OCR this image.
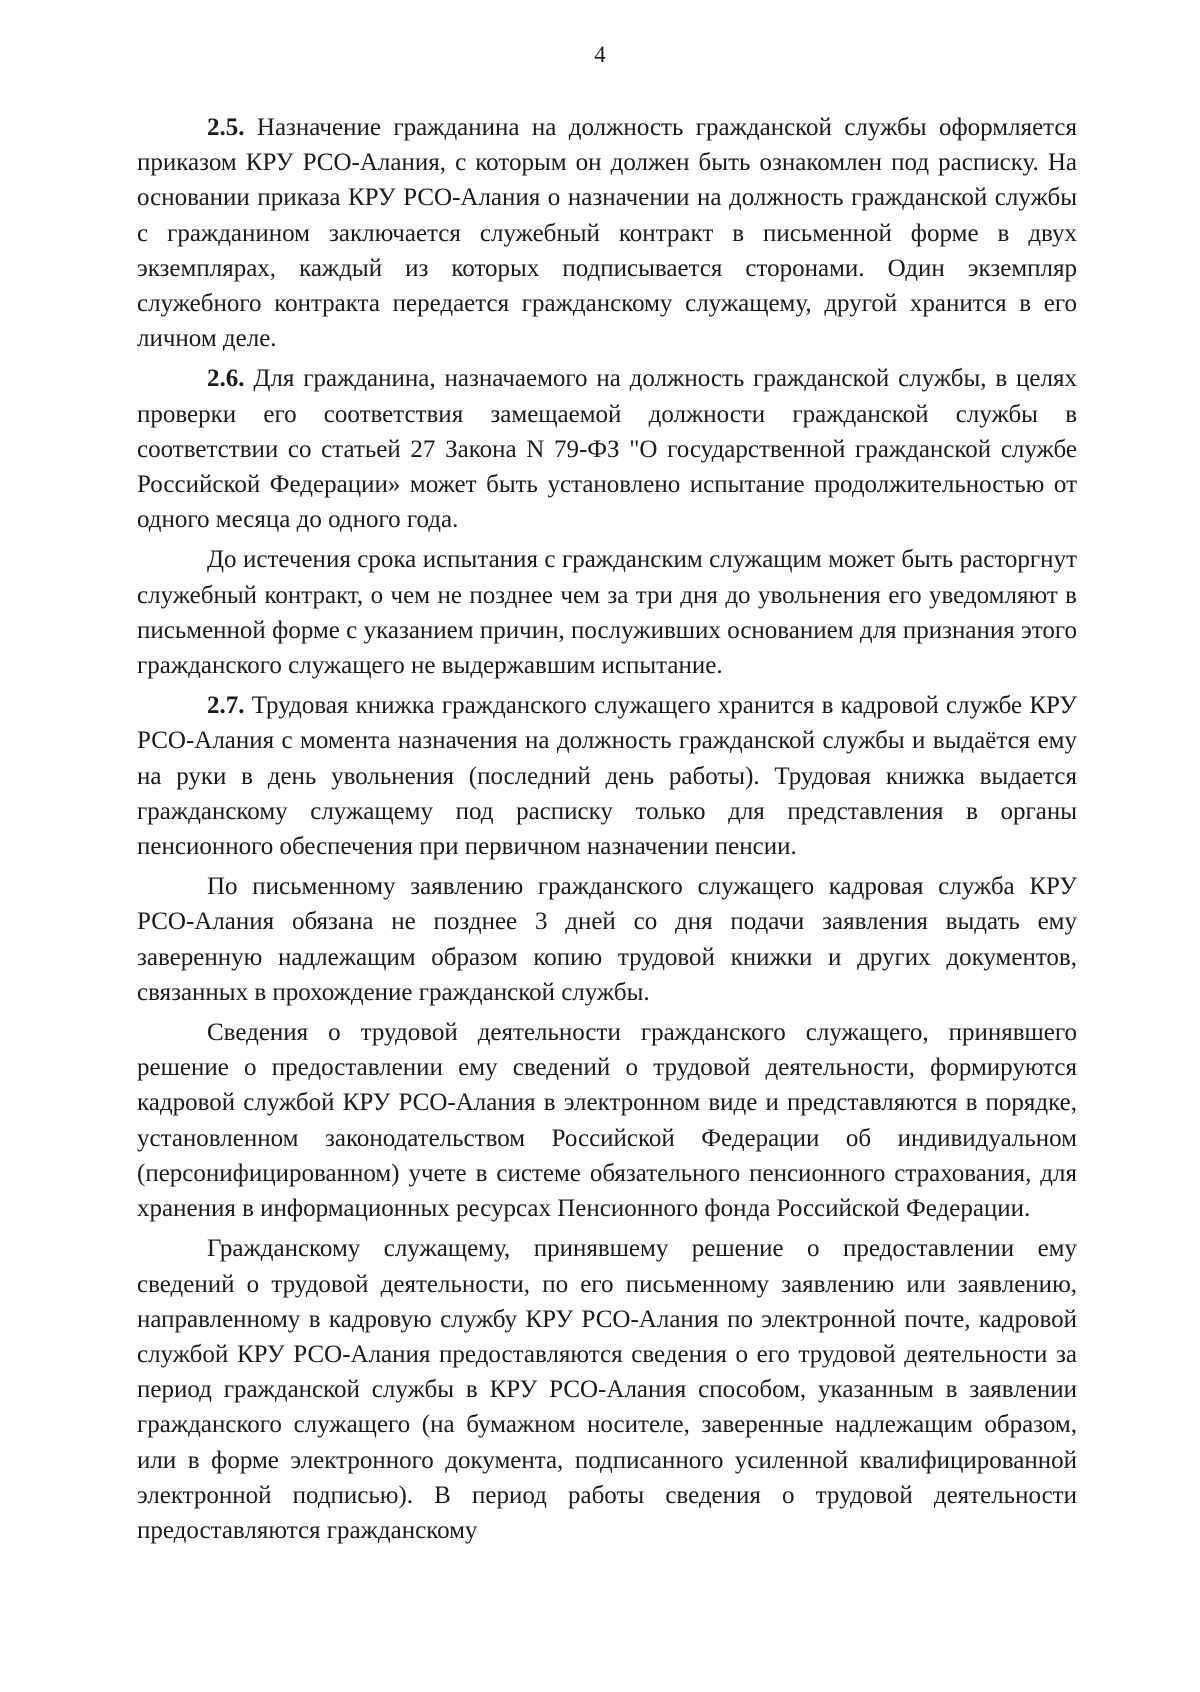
4

2.5. Назначение гражданина на должность гражданской службы оформляется приказом КРУ РСО-Алания, с которым он должен быть ознакомлен под расписку. На основании приказа КРУ РСО-Алания о назначении на должность гражданской службы с гражданином заключается служебный контракт в письменной форме в двух экземплярах, каждый из которых подписывается сторонами. Один экземпляр служебного контракта передается гражданскому служащему, другой хранится в его личном деле.

2.6. Для гражданина, назначаемого на должность гражданской службы, в целях проверки его соответствия замещаемой должности гражданской службы в соответствии со статьей 27 Закона N 79-ФЗ "О государственной гражданской службе Российской Федерации» может быть установлено испытание продолжительностью от одного месяца до одного года.

До истечения срока испытания с гражданским служащим может быть расторгнут служебный контракт, о чем не позднее чем за три дня до увольнения его уведомляют в письменной форме с указанием причин, послуживших основанием для признания этого гражданского служащего не выдержавшим испытание.

2.7. Трудовая книжка гражданского служащего хранится в кадровой службе КРУ РСО-Алания с момента назначения на должность гражданской службы и выдаётся ему на руки в день увольнения (последний день работы). Трудовая книжка выдается гражданскому служащему под расписку только для представления в органы пенсионного обеспечения при первичном назначении пенсии.

По письменному заявлению гражданского служащего кадровая служба КРУ РСО-Алания обязана не позднее 3 дней со дня подачи заявления выдать ему заверенную надлежащим образом копию трудовой книжки и других документов, связанных в прохождение гражданской службы.

Сведения о трудовой деятельности гражданского служащего, принявшего решение о предоставлении ему сведений о трудовой деятельности, формируются кадровой службой КРУ РСО-Алания в электронном виде и представляются в порядке, установленном законодательством Российской Федерации об индивидуальном (персонифицированном) учете в системе обязательного пенсионного страхования, для хранения в информационных ресурсах Пенсионного фонда Российской Федерации.

Гражданскому служащему, принявшему решение о предоставлении ему сведений о трудовой деятельности, по его письменному заявлению или заявлению, направленному в кадровую службу КРУ РСО-Алания по электронной почте, кадровой службой КРУ РСО-Алания предоставляются сведения о его трудовой деятельности за период гражданской службы в КРУ РСО-Алания способом, указанным в заявлении гражданского служащего (на бумажном носителе, заверенные надлежащим образом, или в форме электронного документа, подписанного усиленной квалифицированной электронной подписью). В период работы сведения о трудовой деятельности предоставляются гражданскому
